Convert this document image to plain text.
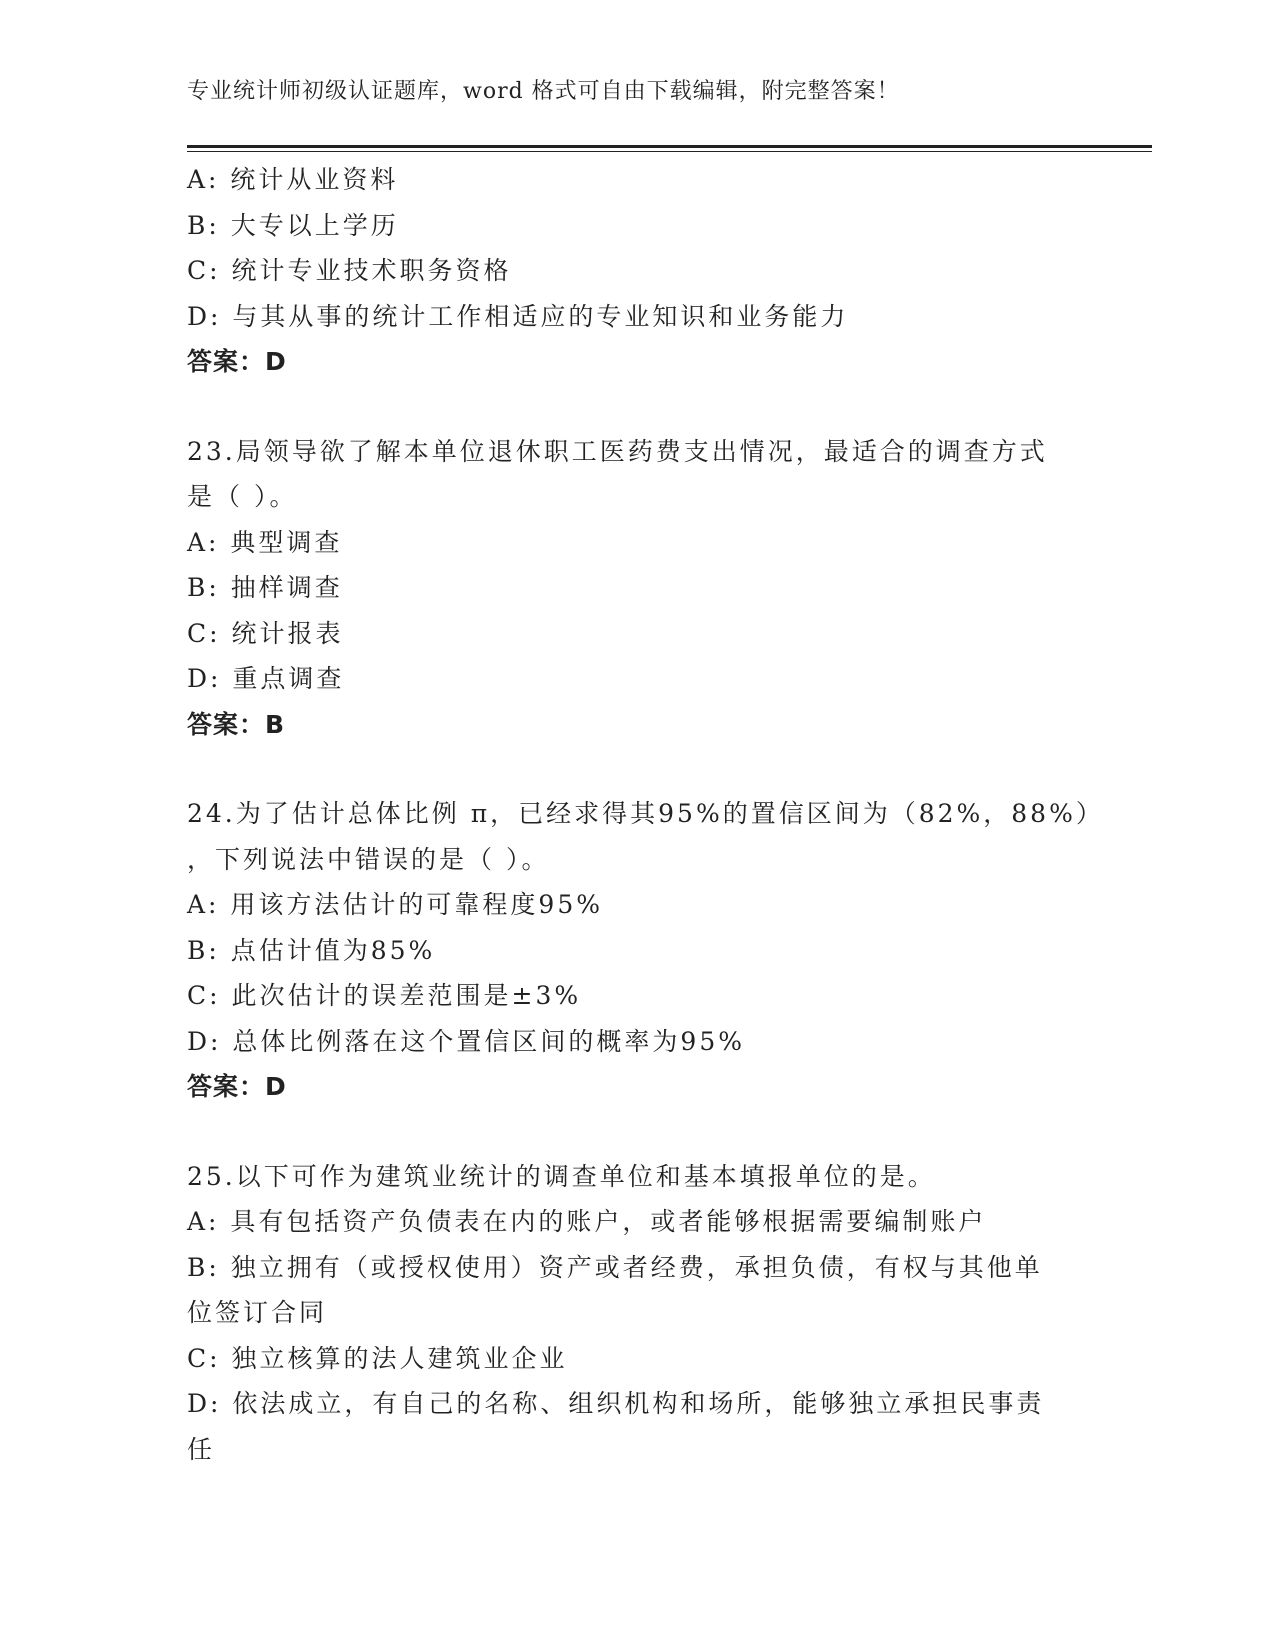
专业统计师初级认证题库，word 格式可自由下载编辑，附完整答案！
A: 统计从业资料
B: 大专以上学历
C: 统计专业技术职务资格
D: 与其从事的统计工作相适应的专业知识和业务能力
答案：D
23.局领导欲了解本单位退休职工医药费支出情况，最适合的调查方式
是（ ）。
A: 典型调查
B: 抽样调查
C: 统计报表
D: 重点调查
答案：B
24.为了估计总体比例 π，已经求得其95%的置信区间为（82%，88%）
，下列说法中错误的是（ ）。
A: 用该方法估计的可靠程度95%
B: 点估计值为85%
C: 此次估计的误差范围是±3%
D: 总体比例落在这个置信区间的概率为95%
答案：D
25.以下可作为建筑业统计的调查单位和基本填报单位的是。
A: 具有包括资产负债表在内的账户，或者能够根据需要编制账户
B: 独立拥有（或授权使用）资产或者经费，承担负债，有权与其他单
位签订合同
C: 独立核算的法人建筑业企业
D: 依法成立，有自己的名称、组织机构和场所，能够独立承担民事责
任
